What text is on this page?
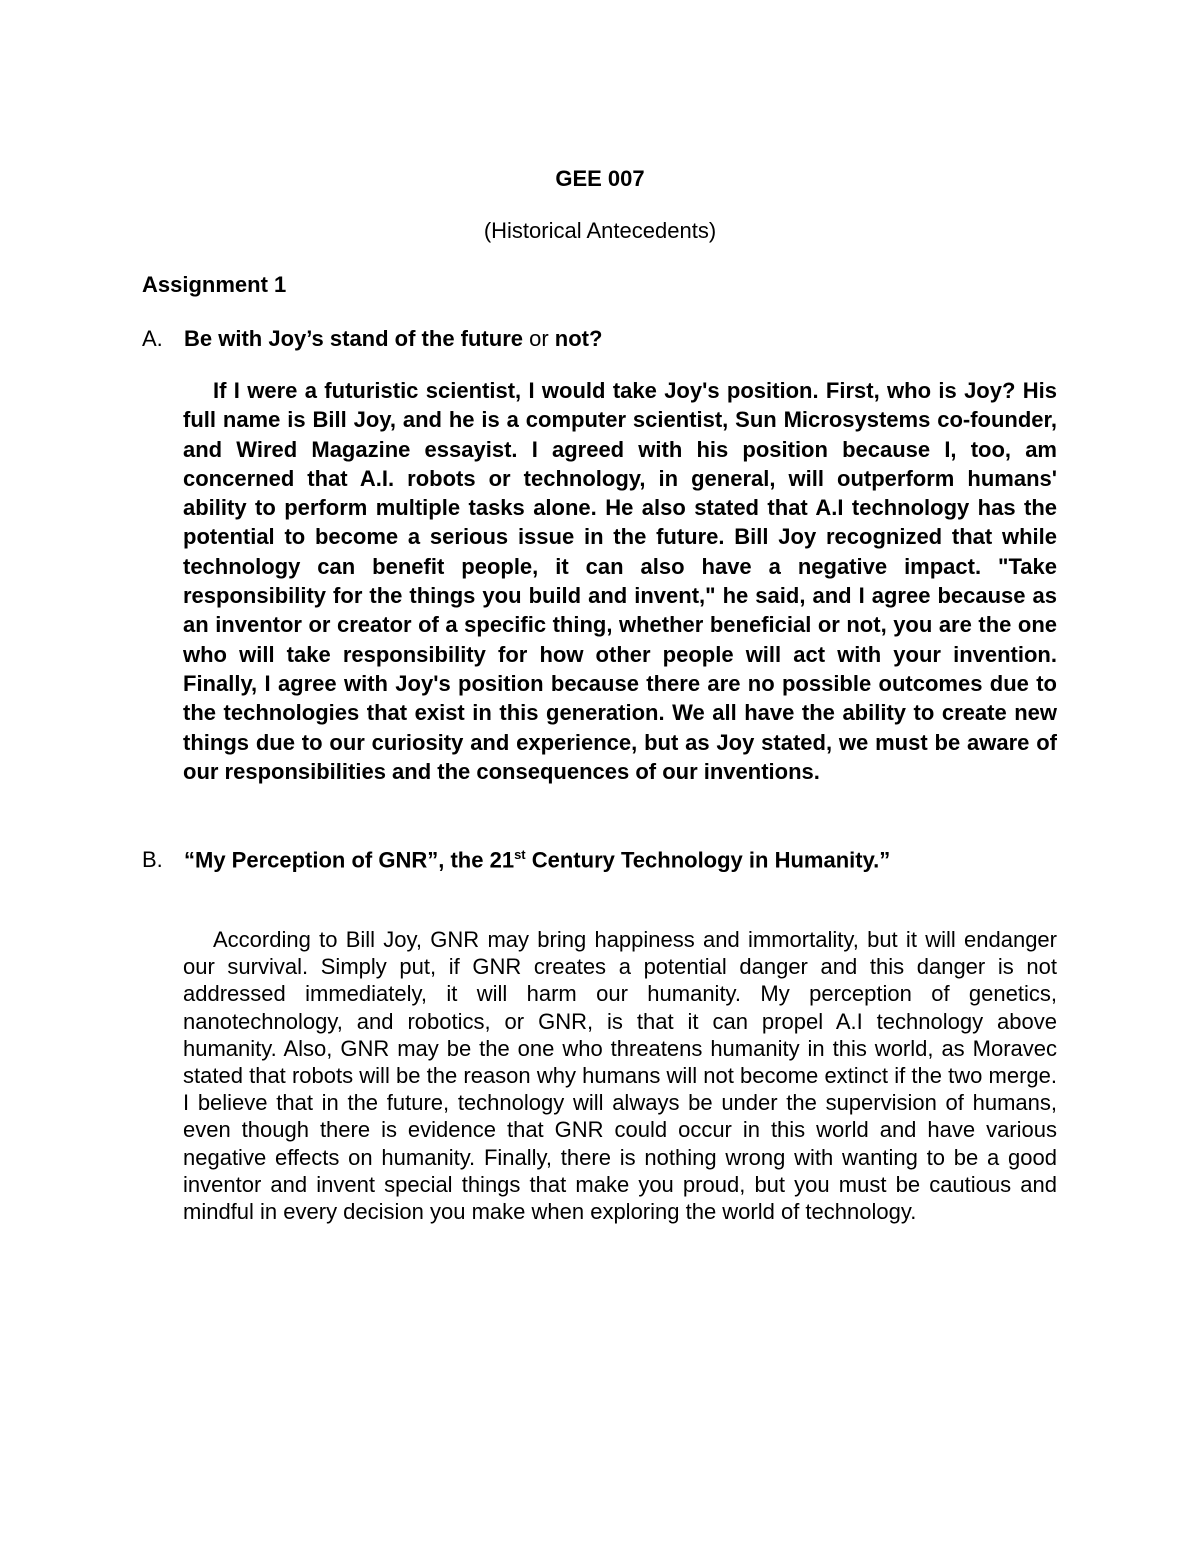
GEE 007
(Historical Antecedents)
Assignment 1
A. Be with Joy’s stand of the future or not?

If I were a futuristic scientist, I would take Joy's position. First, who is Joy? His full name is Bill Joy, and he is a computer scientist, Sun Microsystems co-founder, and Wired Magazine essayist. I agreed with his position because I, too, am concerned that A.I. robots or technology, in general, will outperform humans' ability to perform multiple tasks alone. He also stated that A.I technology has the potential to become a serious issue in the future. Bill Joy recognized that while technology can benefit people, it can also have a negative impact. "Take responsibility for the things you build and invent," he said, and I agree because as an inventor or creator of a specific thing, whether beneficial or not, you are the one who will take responsibility for how other people will act with your invention. Finally, I agree with Joy's position because there are no possible outcomes due to the technologies that exist in this generation. We all have the ability to create new things due to our curiosity and experience, but as Joy stated, we must be aware of our responsibilities and the consequences of our inventions.

B. “My Perception of GNR”, the 21st Century Technology in Humanity.”

According to Bill Joy, GNR may bring happiness and immortality, but it will endanger our survival. Simply put, if GNR creates a potential danger and this danger is not addressed immediately, it will harm our humanity. My perception of genetics, nanotechnology, and robotics, or GNR, is that it can propel A.I technology above humanity. Also, GNR may be the one who threatens humanity in this world, as Moravec stated that robots will be the reason why humans will not become extinct if the two merge. I believe that in the future, technology will always be under the supervision of humans, even though there is evidence that GNR could occur in this world and have various negative effects on humanity. Finally, there is nothing wrong with wanting to be a good inventor and invent special things that make you proud, but you must be cautious and mindful in every decision you make when exploring the world of technology.
